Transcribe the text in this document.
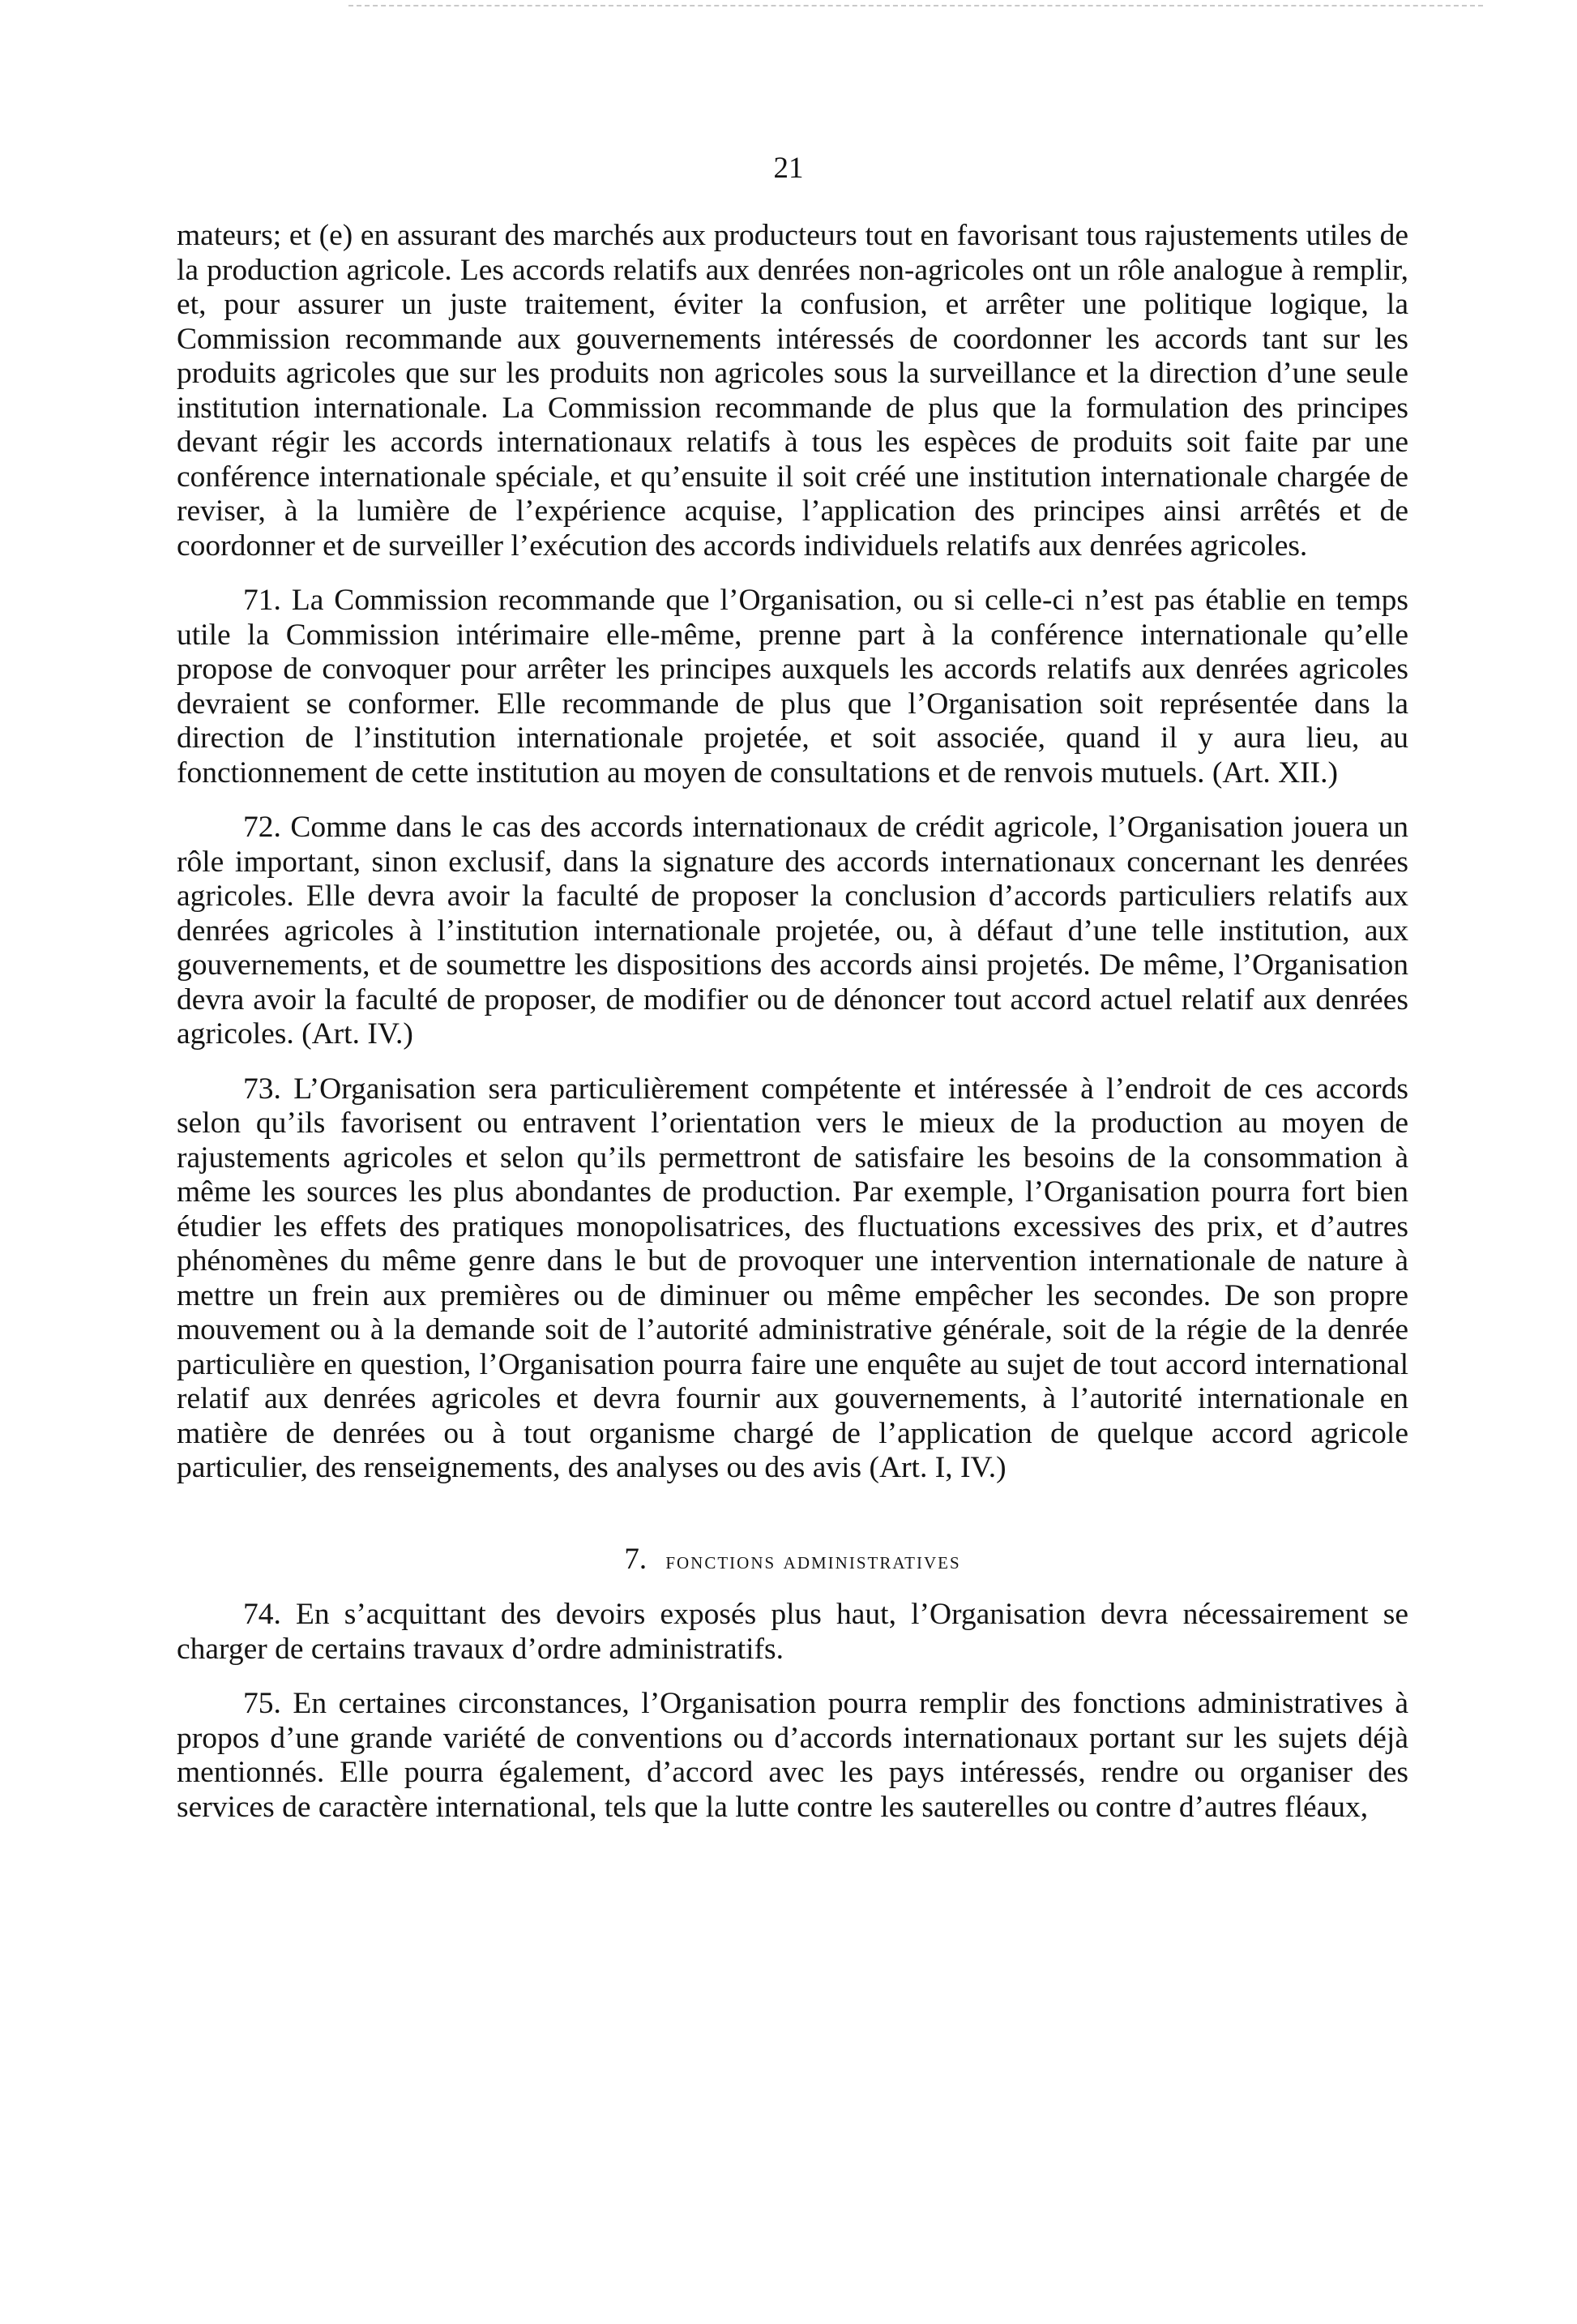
21

mateurs; et (e) en assurant des marchés aux producteurs tout en favorisant tous rajustements utiles de la production agricole. Les accords relatifs aux denrées non-agricoles ont un rôle analogue à remplir, et, pour assurer un juste traitement, éviter la confusion, et arrêter une politique logique, la Commission recommande aux gouvernements intéressés de coordonner les accords tant sur les produits agricoles que sur les produits non agricoles sous la surveillance et la direction d’une seule institution internationale. La Commission recommande de plus que la formulation des principes devant régir les accords internationaux relatifs à tous les espèces de produits soit faite par une conférence internationale spéciale, et qu’ensuite il soit créé une institution internationale chargée de reviser, à la lumière de l’expérience acquise, l’application des principes ainsi arrêtés et de coordonner et de surveiller l’exécution des accords individuels relatifs aux denrées agricoles.

71. La Commission recommande que l’Organisation, ou si celle-ci n’est pas établie en temps utile la Commission intérimaire elle-même, prenne part à la conférence internationale qu’elle propose de convoquer pour arrêter les principes auxquels les accords relatifs aux denrées agricoles devraient se conformer. Elle recommande de plus que l’Organisation soit représentée dans la direction de l’institution internationale projetée, et soit associée, quand il y aura lieu, au fonctionnement de cette institution au moyen de consultations et de renvois mutuels. (Art. XII.)

72. Comme dans le cas des accords internationaux de crédit agricole, l’Organisation jouera un rôle important, sinon exclusif, dans la signature des accords internationaux concernant les denrées agricoles. Elle devra avoir la faculté de proposer la conclusion d’accords particuliers relatifs aux denrées agricoles à l’institution internationale projetée, ou, à défaut d’une telle institution, aux gouvernements, et de soumettre les dispositions des accords ainsi projetés. De même, l’Organisation devra avoir la faculté de proposer, de modifier ou de dénoncer tout accord actuel relatif aux denrées agricoles. (Art. IV.)

73. L’Organisation sera particulièrement compétente et intéressée à l’endroit de ces accords selon qu’ils favorisent ou entravent l’orientation vers le mieux de la production au moyen de rajustements agricoles et selon qu’ils permettront de satisfaire les besoins de la consommation à même les sources les plus abondantes de production. Par exemple, l’Organisation pourra fort bien étudier les effets des pratiques monopolisatrices, des fluctuations excessives des prix, et d’autres phénomènes du même genre dans le but de provoquer une intervention internationale de nature à mettre un frein aux premières ou de diminuer ou même empêcher les secondes. De son propre mouvement ou à la demande soit de l’autorité administrative générale, soit de la régie de la denrée particulière en question, l’Organisation pourra faire une enquête au sujet de tout accord international relatif aux denrées agricoles et devra fournir aux gouvernements, à l’autorité internationale en matière de denrées ou à tout organisme chargé de l’application de quelque accord agricole particulier, des renseignements, des analyses ou des avis (Art. I, IV.)

7. fonctions administratives

74. En s’acquittant des devoirs exposés plus haut, l’Organisation devra nécessairement se charger de certains travaux d’ordre administratifs.

75. En certaines circonstances, l’Organisation pourra remplir des fonctions administratives à propos d’une grande variété de conventions ou d’accords internationaux portant sur les sujets déjà mentionnés. Elle pourra également, d’accord avec les pays intéressés, rendre ou organiser des services de caractère international, tels que la lutte contre les sauterelles ou contre d’autres fléaux,
